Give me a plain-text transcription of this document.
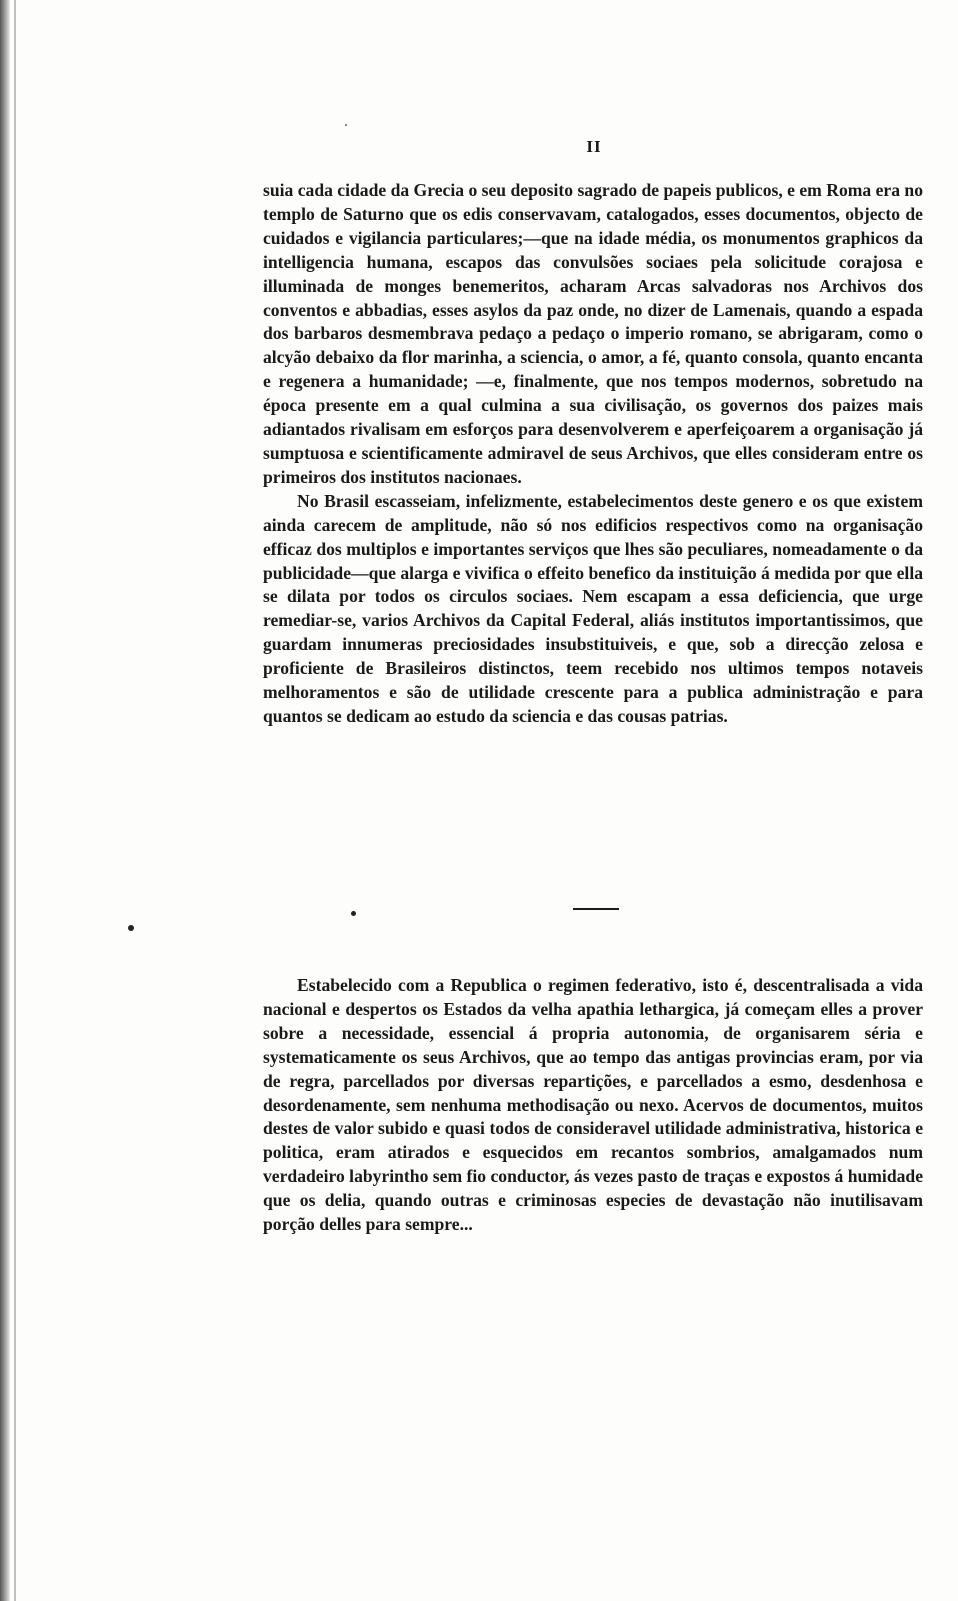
II

suia cada cidade da Grecia o seu deposito sagrado de papeis publicos, e em Roma era no templo de Saturno que os edis conservavam, catalogados, esses documentos, objecto de cuidados e vigilancia particulares;—que na idade média, os monumentos graphicos da intelligencia humana, escapos das convulsões sociaes pela solicitude corajosa e illuminada de monges benemeritos, acharam Arcas salvadoras nos Archivos dos conventos e abbadias, esses asylos da paz onde, no dizer de Lamenais, quando a espada dos barbaros desmembrava pedaço a pedaço o imperio romano, se abrigaram, como o alcyão debaixo da flor marinha, a sciencia, o amor, a fé, quanto consola, quanto encanta e regenera a humanidade; —e, finalmente, que nos tempos modernos, sobretudo na época presente em a qual culmina a sua civilisação, os governos dos paizes mais adiantados rivalisam em esforços para desenvolverem e aperfeiçoarem a organisação já sumptuosa e scientificamente admiravel de seus Archivos, que elles consideram entre os primeiros dos institutos nacionaes.

No Brasil escasseiam, infelizmente, estabelecimentos deste genero e os que existem ainda carecem de amplitude, não só nos edificios respectivos como na organisação efficaz dos multiplos e importantes serviços que lhes são peculiares, nomeadamente o da publicidade—que alarga e vivifica o effeito benefico da instituição á medida por que ella se dilata por todos os circulos sociaes. Nem escapam a essa deficiencia, que urge remediar-se, varios Archivos da Capital Federal, aliás institutos importantissimos, que guardam innumeras preciosidades insubstituiveis, e que, sob a direcção zelosa e proficiente de Brasileiros distinctos, teem recebido nos ultimos tempos notaveis melhoramentos e são de utilidade crescente para a publica administração e para quantos se dedicam ao estudo da sciencia e das cousas patrias.

Estabelecido com a Republica o regimen federativo, isto é, descentralisada a vida nacional e despertos os Estados da velha apathia lethargica, já começam elles a prover sobre a necessidade, essencial á propria autonomia, de organisarem séria e systematicamente os seus Archivos, que ao tempo das antigas provincias eram, por via de regra, parcellados por diversas repartições, e parcellados a esmo, desdenhosa e desordenamente, sem nenhuma methodisação ou nexo. Acervos de documentos, muitos destes de valor subido e quasi todos de consideravel utilidade administrativa, historica e politica, eram atirados e esquecidos em recantos sombrios, amalgamados num verdadeiro labyrintho sem fio conductor, ás vezes pasto de traças e expostos á humidade que os delia, quando outras e criminosas especies de devastação não inutilisavam porção delles para sempre...
